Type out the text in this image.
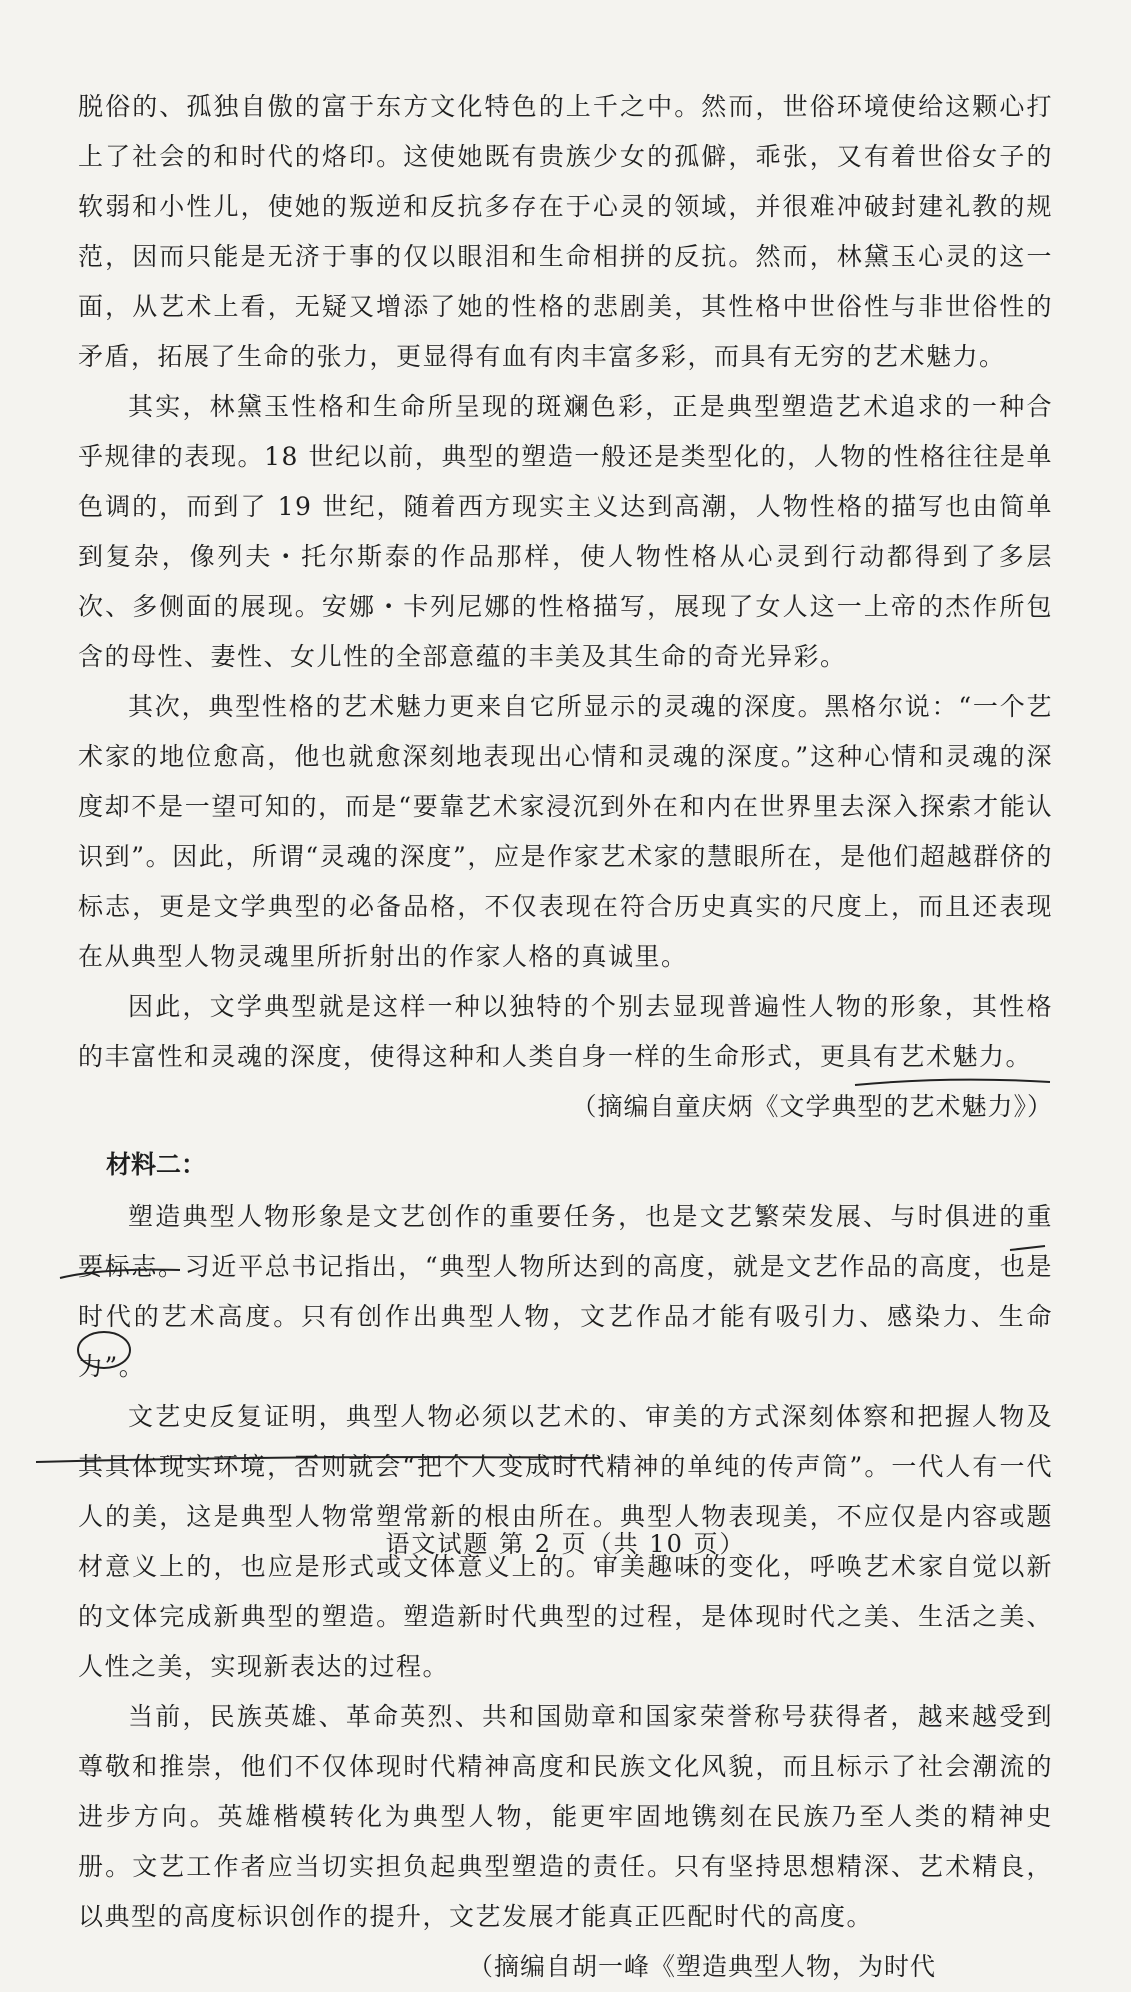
脱俗的、孤独自傲的富于东方文化特色的上千之中。然而，世俗环境使给这颗心打上了社会的和时代的烙印。这使她既有贵族少女的孤僻，乖张，又有着世俗女子的软弱和小性儿，使她的叛逆和反抗多存在于心灵的领域，并很难冲破封建礼教的规范，因而只能是无济于事的仅以眼泪和生命相拼的反抗。然而，林黛玉心灵的这一面，从艺术上看，无疑又增添了她的性格的悲剧美，其性格中世俗性与非世俗性的矛盾，拓展了生命的张力，更显得有血有肉丰富多彩，而具有无穷的艺术魅力。

其实，林黛玉性格和生命所呈现的斑斓色彩，正是典型塑造艺术追求的一种合乎规律的表现。18 世纪以前，典型的塑造一般还是类型化的，人物的性格往往是单色调的，而到了 19 世纪，随着西方现实主义达到高潮，人物性格的描写也由简单到复杂，像列夫・托尔斯泰的作品那样，使人物性格从心灵到行动都得到了多层次、多侧面的展现。安娜・卡列尼娜的性格描写，展现了女人这一上帝的杰作所包含的母性、妻性、女儿性的全部意蕴的丰美及其生命的奇光异彩。

其次，典型性格的艺术魅力更来自它所显示的灵魂的深度。黑格尔说：“一个艺术家的地位愈高，他也就愈深刻地表现出心情和灵魂的深度。”这种心情和灵魂的深度却不是一望可知的，而是“要靠艺术家浸沉到外在和内在世界里去深入探索才能认识到”。因此，所谓“灵魂的深度”，应是作家艺术家的慧眼所在，是他们超越群侪的标志，更是文学典型的必备品格，不仅表现在符合历史真实的尺度上，而且还表现在从典型人物灵魂里所折射出的作家人格的真诚里。

因此，文学典型就是这样一种以独特的个别去显现普遍性人物的形象，其性格的丰富性和灵魂的深度，使得这种和人类自身一样的生命形式，更具有艺术魅力。

（摘编自童庆炳《文学典型的艺术魅力》）

材料二：

塑造典型人物形象是文艺创作的重要任务，也是文艺繁荣发展、与时俱进的重要标志。习近平总书记指出，“典型人物所达到的高度，就是文艺作品的高度，也是时代的艺术高度。只有创作出典型人物，文艺作品才能有吸引力、感染力、生命力”。

文艺史反复证明，典型人物必须以艺术的、审美的方式深刻体察和把握人物及其具体现实环境，否则就会“把个人变成时代精神的单纯的传声筒”。一代人有一代人的美，这是典型人物常塑常新的根由所在。典型人物表现美，不应仅是内容或题材意义上的，也应是形式或文体意义上的。审美趣味的变化，呼唤艺术家自觉以新的文体完成新典型的塑造。塑造新时代典型的过程，是体现时代之美、生活之美、人性之美，实现新表达的过程。

当前，民族英雄、革命英烈、共和国勋章和国家荣誉称号获得者，越来越受到尊敬和推崇，他们不仅体现时代精神高度和民族文化风貌，而且标示了社会潮流的进步方向。英雄楷模转化为典型人物，能更牢固地镌刻在民族乃至人类的精神史册。文艺工作者应当切实担负起典型塑造的责任。只有坚持思想精深、艺术精良，以典型的高度标识创作的提升，文艺发展才能真正匹配时代的高度。

（摘编自胡一峰《塑造典型人物，为时代

语文试题 第 2 页（共 10 页）
